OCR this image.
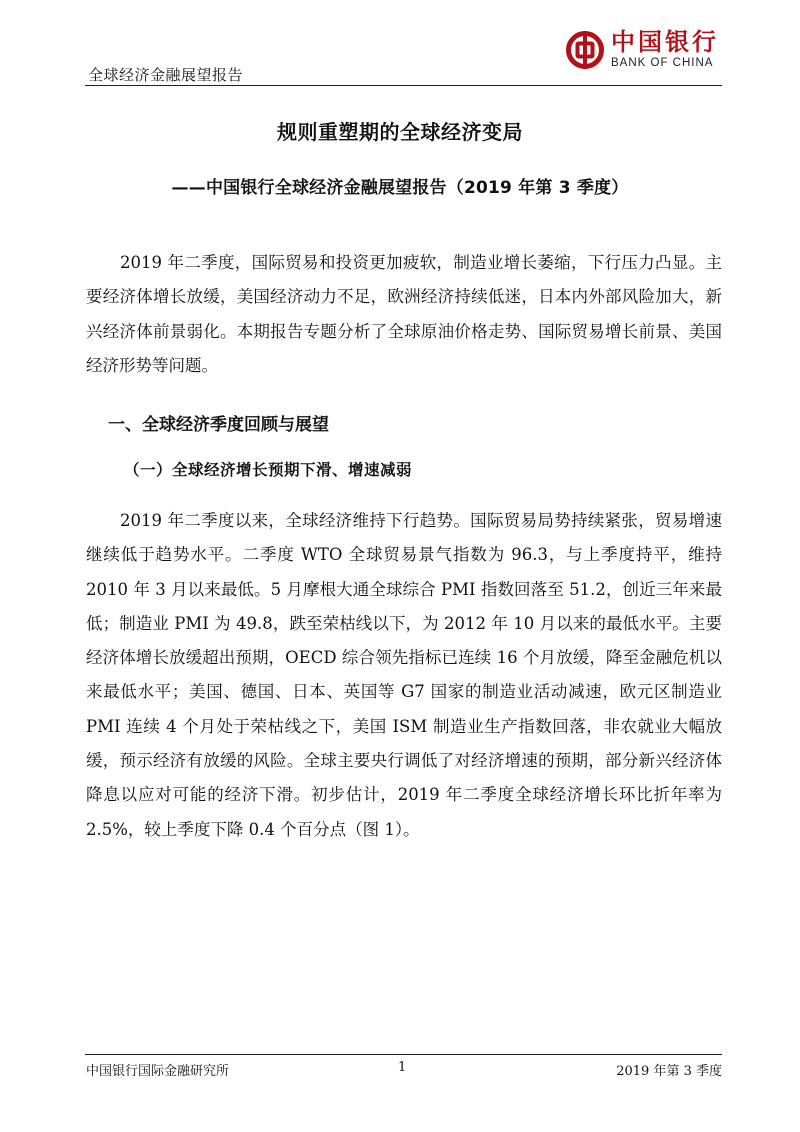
全球经济金融展望报告
中国银行
BANK OF CHINA
规则重塑期的全球经济变局
——中国银行全球经济金融展望报告（2019 年第 3 季度）

2019 年二季度，国际贸易和投资更加疲软，制造业增长萎缩，下行压力凸显。主要经济体增长放缓，美国经济动力不足，欧洲经济持续低迷，日本内外部风险加大，新兴经济体前景弱化。本期报告专题分析了全球原油价格走势、国际贸易增长前景、美国经济形势等问题。

一、全球经济季度回顾与展望
（一）全球经济增长预期下滑、增速减弱

2019 年二季度以来，全球经济维持下行趋势。国际贸易局势持续紧张，贸易增速继续低于趋势水平。二季度 WTO 全球贸易景气指数为 96.3，与上季度持平，维持 2010 年 3 月以来最低。5 月摩根大通全球综合 PMI 指数回落至 51.2，创近三年来最低；制造业 PMI 为 49.8，跌至荣枯线以下，为 2012 年 10 月以来的最低水平。主要经济体增长放缓超出预期，OECD 综合领先指标已连续 16 个月放缓，降至金融危机以来最低水平；美国、德国、日本、英国等 G7 国家的制造业活动减速，欧元区制造业 PMI 连续 4 个月处于荣枯线之下，美国 ISM 制造业生产指数回落，非农就业大幅放缓，预示经济有放缓的风险。全球主要央行调低了对经济增速的预期，部分新兴经济体降息以应对可能的经济下滑。初步估计，2019 年二季度全球经济增长环比折年率为 2.5%，较上季度下降 0.4 个百分点（图 1）。

中国银行国际金融研究所	1	2019 年第 3 季度
